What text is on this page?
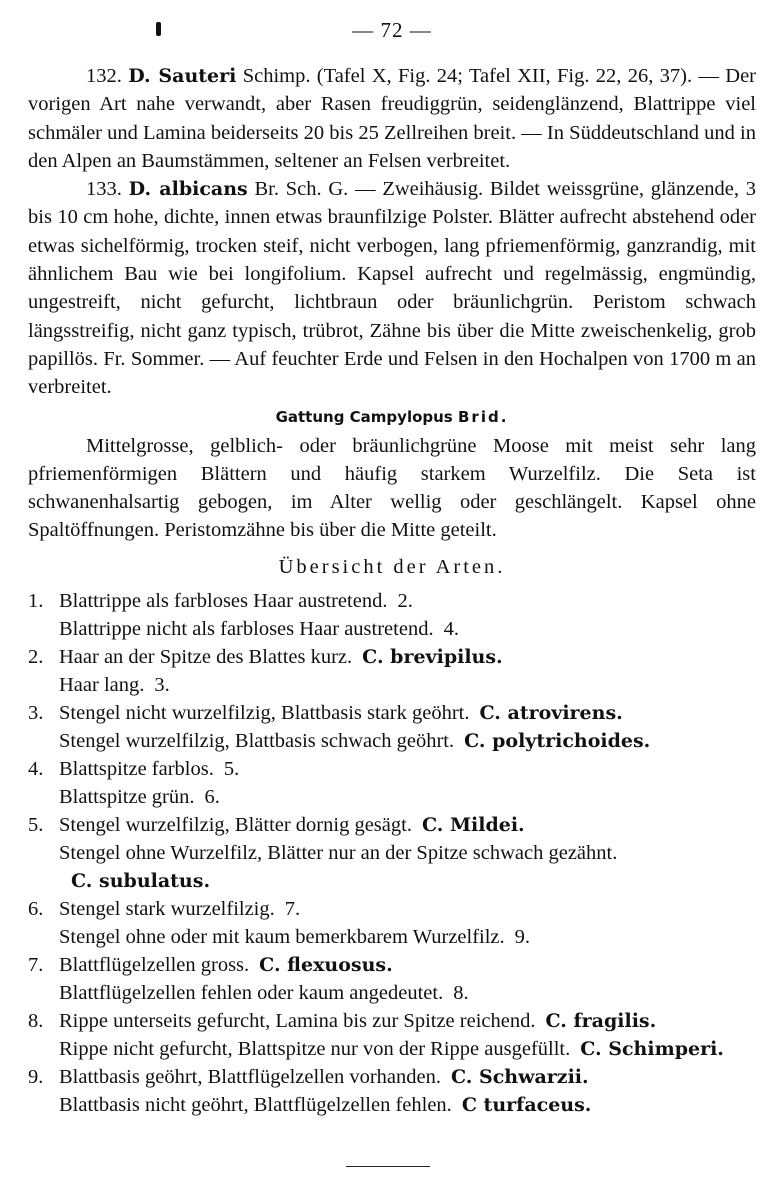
— 72 —

132. D. Sauteri Schimp. (Tafel X, Fig. 24; Tafel XII, Fig. 22, 26, 37). — Der vorigen Art nahe verwandt, aber Rasen freudiggrün, seidenglänzend, Blattrippe viel schmäler und Lamina beiderseits 20 bis 25 Zellreihen breit. — In Süddeutschland und in den Alpen an Baumstämmen, seltener an Felsen verbreitet.

133. D. albicans Br. Sch. G. — Zweihäusig. Bildet weissgrüne, glänzende, 3 bis 10 cm hohe, dichte, innen etwas braunfilzige Polster. Blätter aufrecht abstehend oder etwas sichelförmig, trocken steif, nicht verbogen, lang pfriemenförmig, ganzrandig, mit ähnlichem Bau wie bei longifolium. Kapsel aufrecht und regelmässig, engmündig, ungestreift, nicht gefurcht, lichtbraun oder bräunlichgrün. Peristom schwach längsstreifig, nicht ganz typisch, trübrot, Zähne bis über die Mitte zweischenkelig, grob papillös. Fr. Sommer. — Auf feuchter Erde und Felsen in den Hochalpen von 1700 m an verbreitet.

Gattung Campylopus Brid.

Mittelgrosse, gelblich- oder bräunlichgrüne Moose mit meist sehr lang pfriemenförmigen Blättern und häufig starkem Wurzelfilz. Die Seta ist schwanenhalsartig gebogen, im Alter wellig oder geschlängelt. Kapsel ohne Spaltöffnungen. Peristomzähne bis über die Mitte geteilt.

Übersicht der Arten.
1. Blattrippe als farbloses Haar austretend. 2.
Blattrippe nicht als farbloses Haar austretend. 4.
2. Haar an der Spitze des Blattes kurz. C. brevipilus.
Haar lang. 3.
3. Stengel nicht wurzelfilzig, Blattbasis stark geöhrt. C. atrovirens.
Stengel wurzelfilzig, Blattbasis schwach geöhrt. C. polytrichoides.
4. Blattspitze farblos. 5.
Blattspitze grün. 6.
5. Stengel wurzelfilzig, Blätter dornig gesägt. C. Mildei.
Stengel ohne Wurzelfilz, Blätter nur an der Spitze schwach gezähnt.
C. subulatus.
6. Stengel stark wurzelfilzig. 7.
Stengel ohne oder mit kaum bemerkbarem Wurzelfilz. 9.
7. Blattflügelzellen gross. C. flexuosus.
Blattflügelzellen fehlen oder kaum angedeutet. 8.
8. Rippe unterseits gefurcht, Lamina bis zur Spitze reichend. C. fragilis.
Rippe nicht gefurcht, Blattspitze nur von der Rippe ausgefüllt. C. Schimperi.
9. Blattbasis geöhrt, Blattflügelzellen vorhanden. C. Schwarzii.
Blattbasis nicht geöhrt, Blattflügelzellen fehlen. C turfaceus.
